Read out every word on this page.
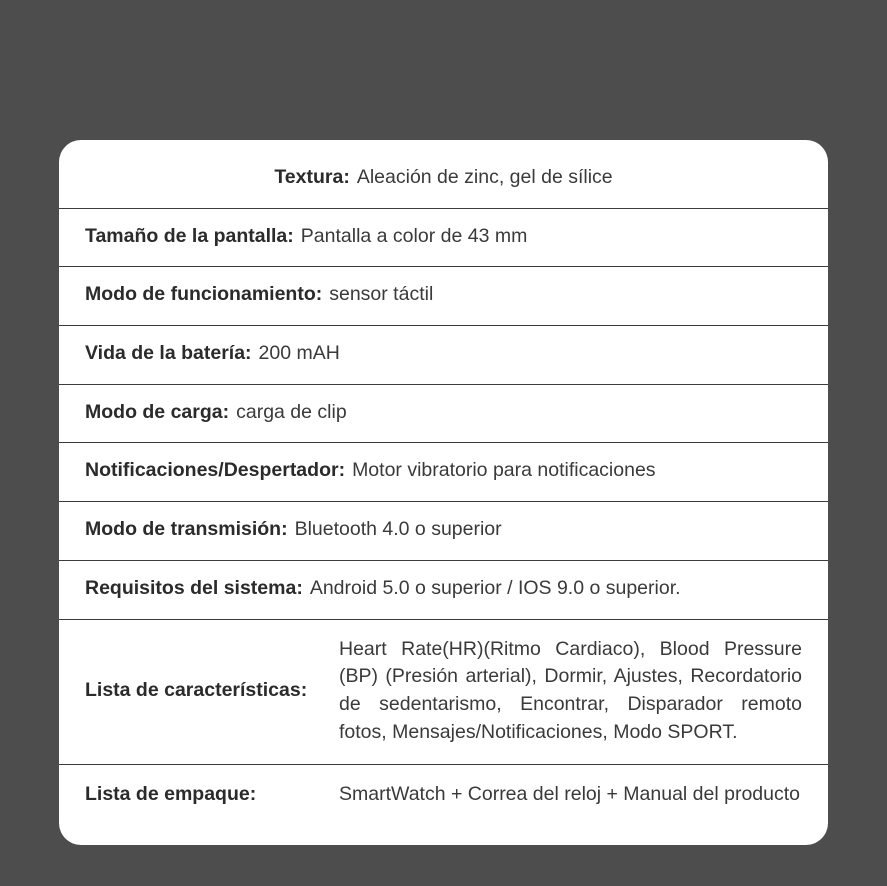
Textura: Aleación de zinc, gel de sílice
Tamaño de la pantalla: Pantalla a color de 43 mm
Modo de funcionamiento: sensor táctil
Vida de la batería: 200 mAH
Modo de carga: carga de clip
Notificaciones/Despertador: Motor vibratorio para notificaciones
Modo de transmisión: Bluetooth 4.0 o superior
Requisitos del sistema: Android 5.0 o superior / IOS 9.0 o superior.
Lista de características:
Heart Rate(HR)(Ritmo Cardiaco), Blood Pressure (BP) (Presión arterial), Dormir, Ajustes, Recordatorio de sedentarismo, Encontrar, Disparador remoto fotos, Mensajes/Notificaciones, Modo SPORT.
Lista de empaque:	SmartWatch + Correa del reloj + Manual del producto
